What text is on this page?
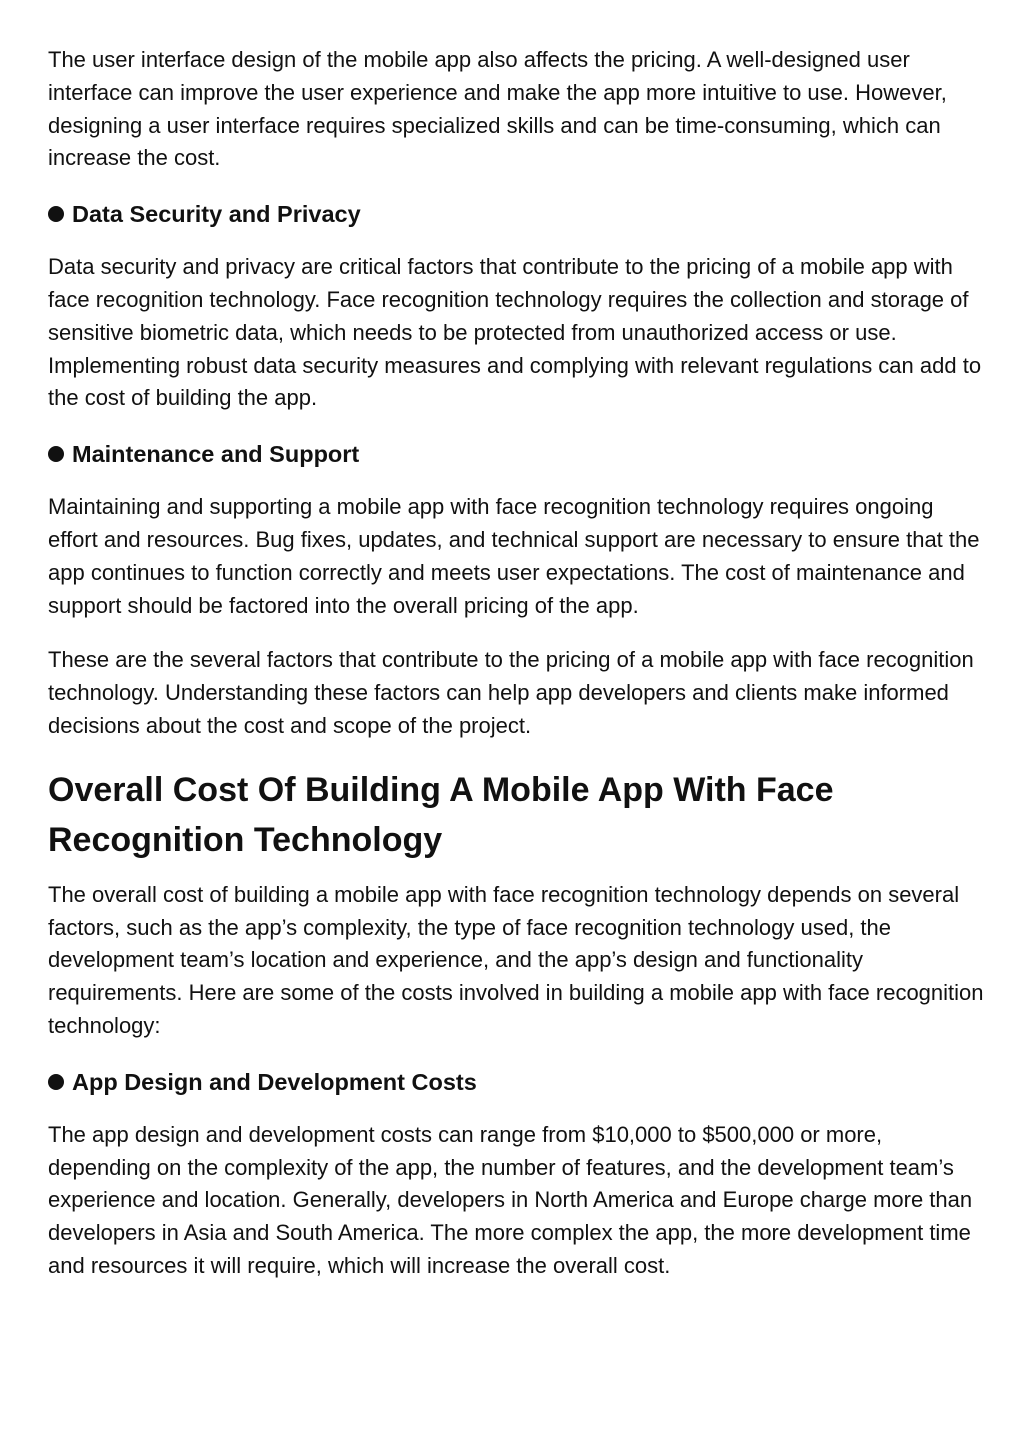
The user interface design of the mobile app also affects the pricing. A well-designed user interface can improve the user experience and make the app more intuitive to use. However, designing a user interface requires specialized skills and can be time-consuming, which can increase the cost.

Data Security and Privacy

Data security and privacy are critical factors that contribute to the pricing of a mobile app with face recognition technology. Face recognition technology requires the collection and storage of sensitive biometric data, which needs to be protected from unauthorized access or use. Implementing robust data security measures and complying with relevant regulations can add to the cost of building the app.

Maintenance and Support

Maintaining and supporting a mobile app with face recognition technology requires ongoing effort and resources. Bug fixes, updates, and technical support are necessary to ensure that the app continues to function correctly and meets user expectations. The cost of maintenance and support should be factored into the overall pricing of the app.

These are the several factors that contribute to the pricing of a mobile app with face recognition technology. Understanding these factors can help app developers and clients make informed decisions about the cost and scope of the project.

Overall Cost Of Building A Mobile App With Face Recognition Technology

The overall cost of building a mobile app with face recognition technology depends on several factors, such as the app’s complexity, the type of face recognition technology used, the development team’s location and experience, and the app’s design and functionality requirements. Here are some of the costs involved in building a mobile app with face recognition technology:

App Design and Development Costs

The app design and development costs can range from $10,000 to $500,000 or more, depending on the complexity of the app, the number of features, and the development team’s experience and location. Generally, developers in North America and Europe charge more than developers in Asia and South America. The more complex the app, the more development time and resources it will require, which will increase the overall cost.
